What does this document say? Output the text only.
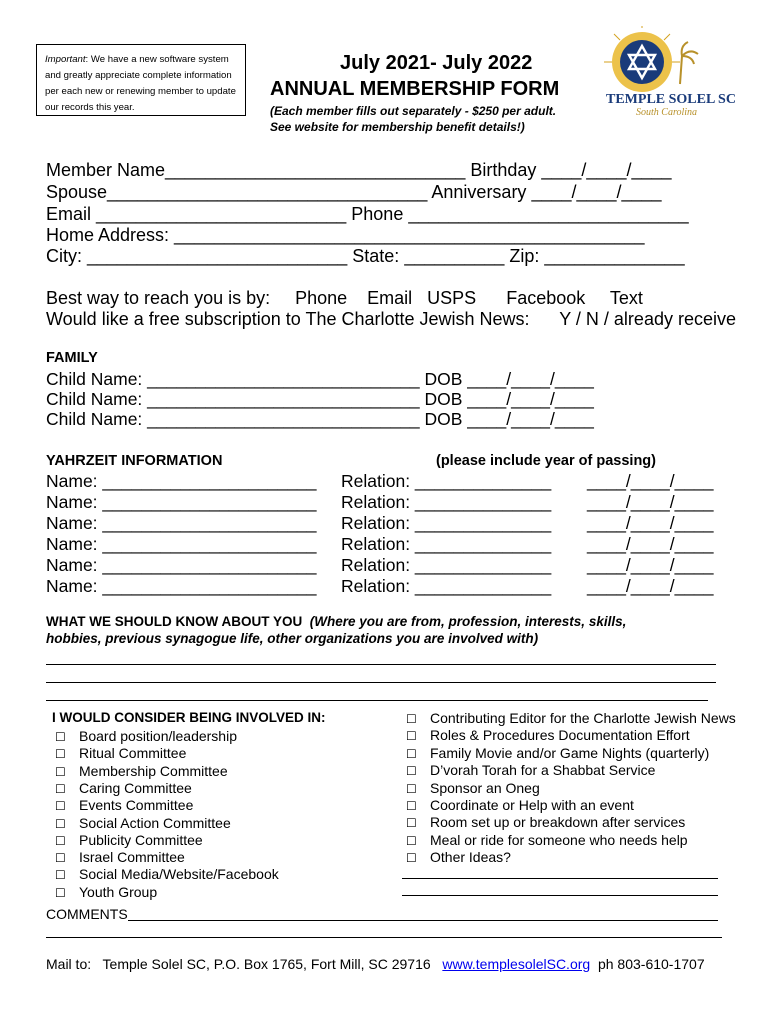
Important: We have a new software system and greatly appreciate complete information per each new or renewing member to update our records this year.
July 2021- July 2022
ANNUAL MEMBERSHIP FORM
(Each member fills out separately - $250 per adult.
See website for membership benefit details!)
TEMPLE SOLEL SC
South Carolina
Member Name______________________________ Birthday ____/____/____
Spouse________________________________ Anniversary ____/____/____
Email _________________________ Phone ____________________________
Home Address: _______________________________________________
City: __________________________ State: __________ Zip: ______________
Best way to reach you is by:     Phone    Email   USPS      Facebook     Text
Would like a free subscription to The Charlotte Jewish News:      Y / N / already receive
FAMILY
Child Name: ____________________________ DOB ____/____/____
Child Name: ____________________________ DOB ____/____/____
Child Name: ____________________________ DOB ____/____/____
YAHRZEIT INFORMATION	(please include year of passing)
Name: ______________________ Relation: ______________ ____/____/____
Name: ______________________ Relation: ______________ ____/____/____
Name: ______________________ Relation: ______________ ____/____/____
Name: ______________________ Relation: ______________ ____/____/____
Name: ______________________ Relation: ______________ ____/____/____
Name: ______________________ Relation: ______________ ____/____/____
WHAT WE SHOULD KNOW ABOUT YOU (Where you are from, profession, interests, skills,
hobbies, previous synagogue life, other organizations you are involved with)
I WOULD CONSIDER BEING INVOLVED IN:
☐ Board position/leadership
☐ Ritual Committee
☐ Membership Committee
☐ Caring Committee
☐ Events Committee
☐ Social Action Committee
☐ Publicity Committee
☐ Israel Committee
☐ Social Media/Website/Facebook
☐ Youth Group
☐ Contributing Editor for the Charlotte Jewish News
☐ Roles & Procedures Documentation Effort
☐ Family Movie and/or Game Nights (quarterly)
☐ D’vorah Torah for a Shabbat Service
☐ Sponsor an Oneg
☐ Coordinate or Help with an event
☐ Room set up or breakdown after services
☐ Meal or ride for someone who needs help
☐ Other Ideas?
COMMENTS
Mail to:   Temple Solel SC, P.O. Box 1765, Fort Mill, SC 29716 www.templesolelSC.org ph 803-610-1707
